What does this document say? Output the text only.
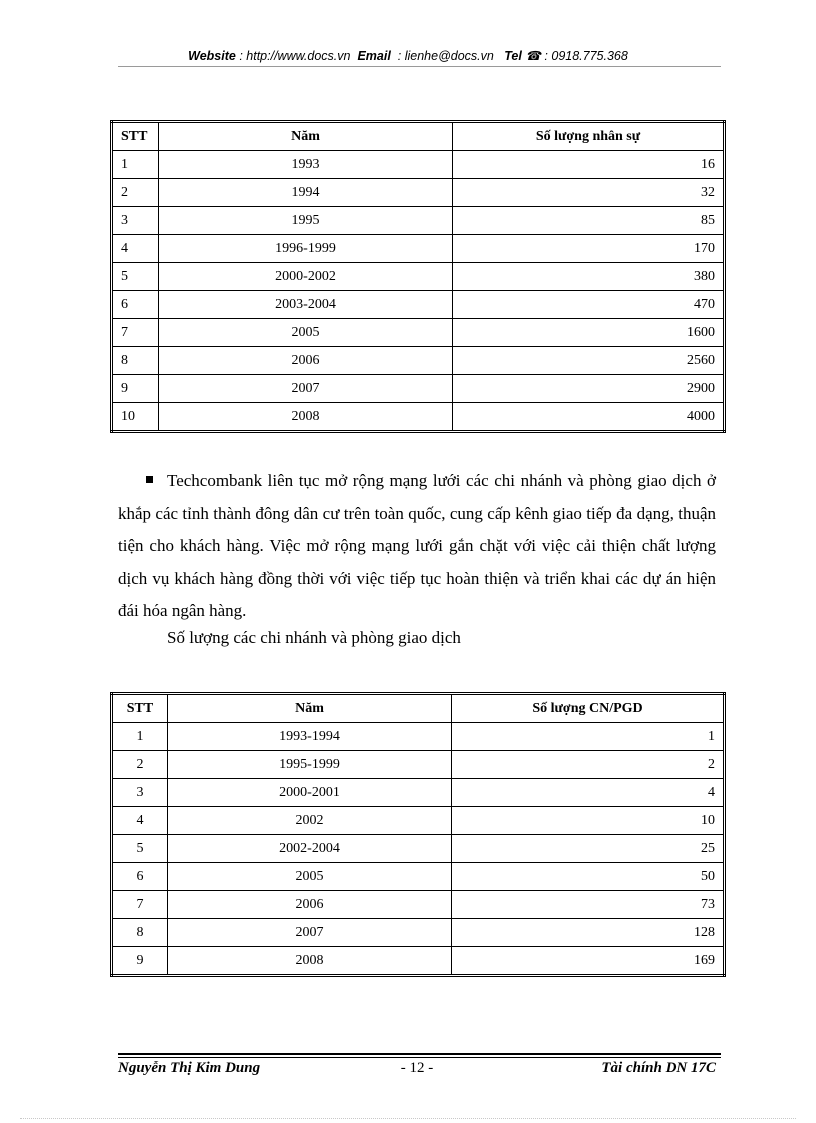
Website : http://www.docs.vn Email : lienhe@docs.vn Tel ☎ : 0918.775.368
STT	Năm	Số lượng nhân sự
1	1993	16
2	1994	32
3	1995	85
4	1996-1999	170
5	2000-2002	380
6	2003-2004	470
7	2005	1600
8	2006	2560
9	2007	2900
10	2008	4000
Techcombank liên tục mở rộng mạng lưới các chi nhánh và phòng giao dịch ở khắp các tỉnh thành đông dân cư trên toàn quốc, cung cấp kênh giao tiếp đa dạng, thuận tiện cho khách hàng. Việc mở rộng mạng lưới gắn chặt với việc cải thiện chất lượng dịch vụ khách hàng đồng thời với việc tiếp tục hoàn thiện và triển khai các dự án hiện đái hóa ngân hàng.
Số lượng các chi nhánh và phòng giao dịch
STT	Năm	Số lượng CN/PGD
1	1993-1994	1
2	1995-1999	2
3	2000-2001	4
4	2002	10
5	2002-2004	25
6	2005	50
7	2006	73
8	2007	128
9	2008	169
Nguyễn Thị Kim Dung	- 12 -	Tài chính DN 17C
